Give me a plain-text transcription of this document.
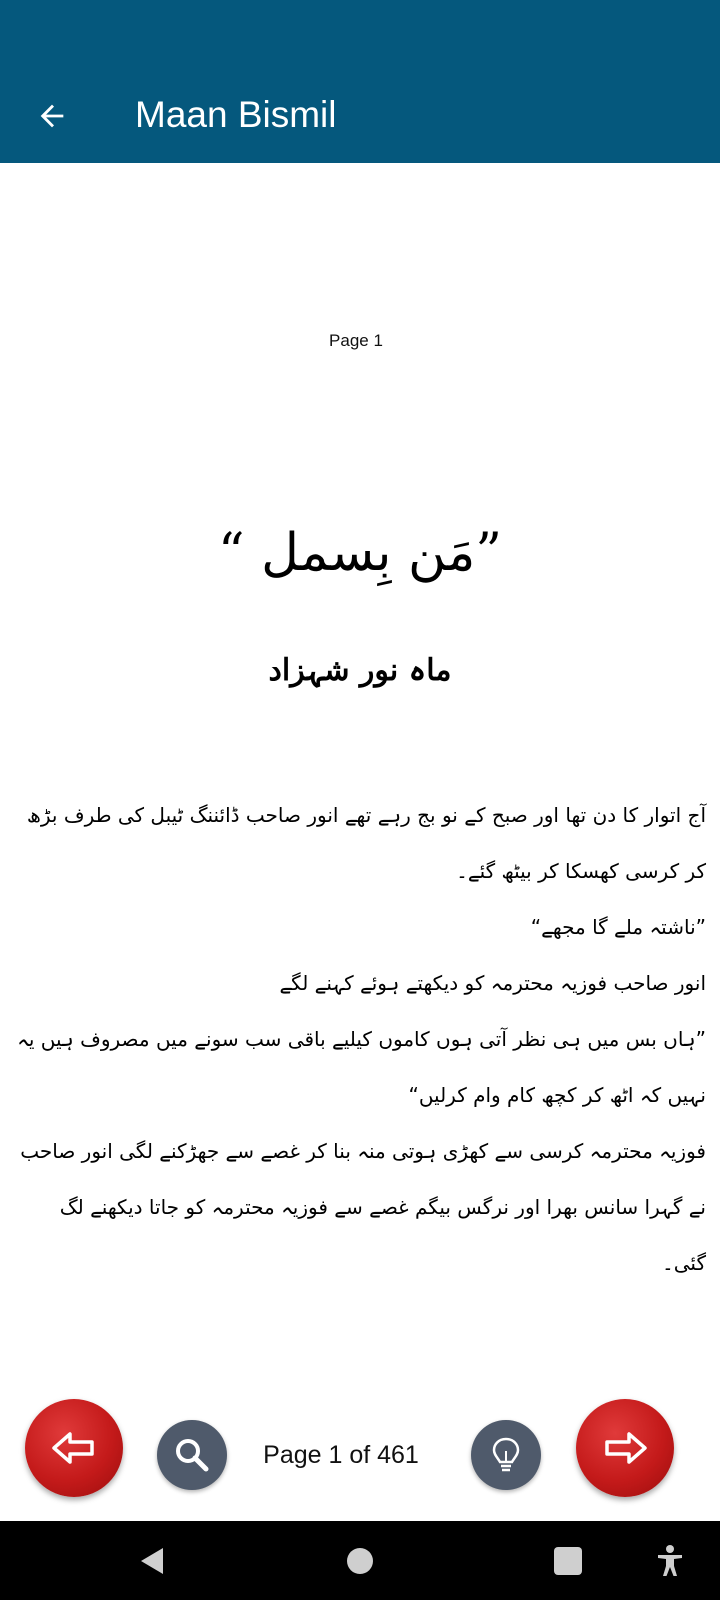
Maan Bismil
Page 1
”مَن بِسمل “
ماہ نور شہزاد

آج اتوار کا دن تھا اور صبح کے نو بج رہے تھے انور صاحب ڈائننگ ٹیبل کی طرف بڑھ کر کرسی کھسکا کر بیٹھ گئے۔

”ناشتہ ملے گا مجھے“

انور صاحب فوزیہ محترمہ کو دیکھتے ہوئے کہنے لگے

”ہاں بس میں ہی نظر آتی ہوں کاموں کیلیے باقی سب سونے میں مصروف ہیں یہ نہیں کہ اٹھ کر کچھ کام وام کرلیں“

فوزیہ محترمہ کرسی سے کھڑی ہوتی منہ بنا کر غصے سے جھڑکنے لگی انور صاحب نے گہرا سانس بھرا اور نرگس بیگم غصے سے فوزیہ محترمہ کو جاتا دیکھنے لگ گئی۔

Page 1 of 461
